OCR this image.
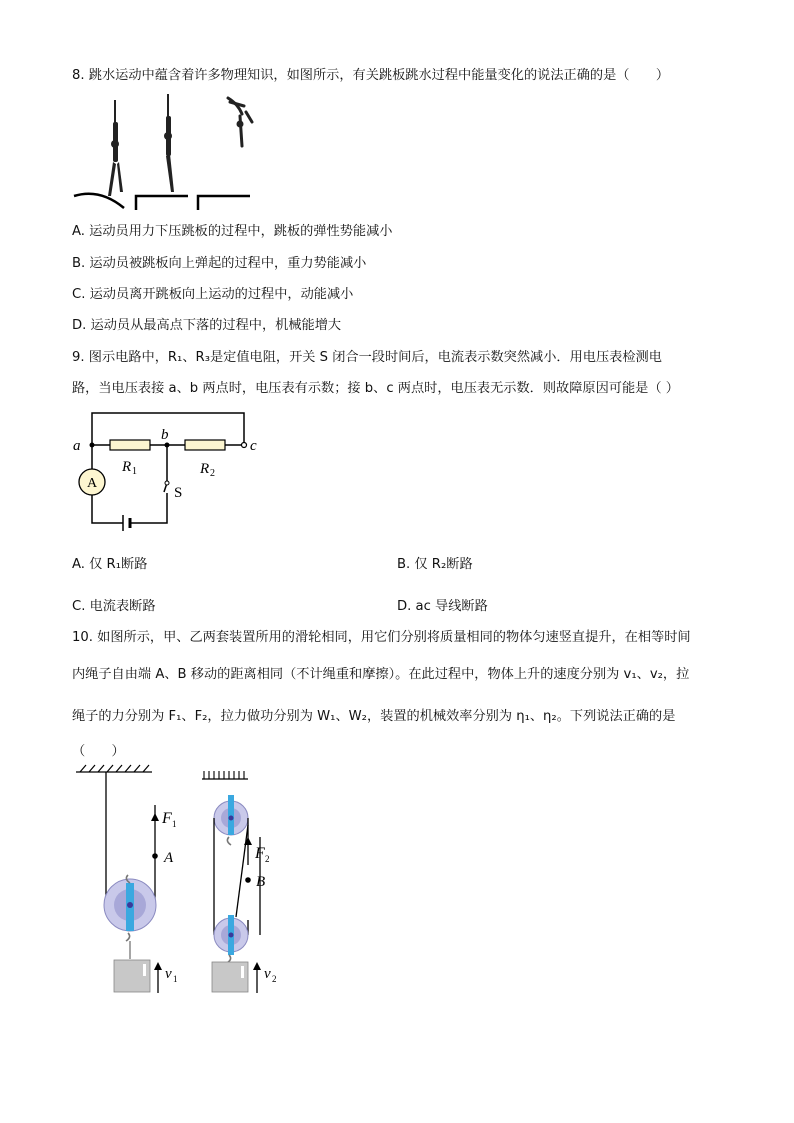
8. 跳水运动中蕴含着许多物理知识，如图所示，有关跳板跳水过程中能量变化的说法正确的是（　　）
A. 运动员用力下压跳板的过程中，跳板的弹性势能减小
B. 运动员被跳板向上弹起的过程中，重力势能减小
C. 运动员离开跳板向上运动的过程中，动能减小
D. 运动员从最高点下落的过程中，机械能增大
9. 图示电路中，R₁、R₃是定值电阻，开关 S 闭合一段时间后，电流表示数突然减小．用电压表检测电
路，当电压表接 a、b 两点时，电压表有示数；接 b、c 两点时，电压表无示数．则故障原因可能是（ ）
A
a
b
c
R 1	R 2
S
A. 仅 R₁断路	B. 仅 R₂断路
C. 电流表断路	D. ac 导线断路
10. 如图所示，甲、乙两套装置所用的滑轮相同，用它们分别将质量相同的物体匀速竖直提升，在相等时间
内绳子自由端 A、B 移动的距离相同（不计绳重和摩擦）。在此过程中，物体上升的速度分别为 v₁、v₂，拉
绳子的力分别为 F₁、F₂，拉力做功分别为 W₁、W₂，装置的机械效率分别为 η₁、η₂。下列说法正确的是
（　　）
F 1
A
v 1
F 2
B
v 2
